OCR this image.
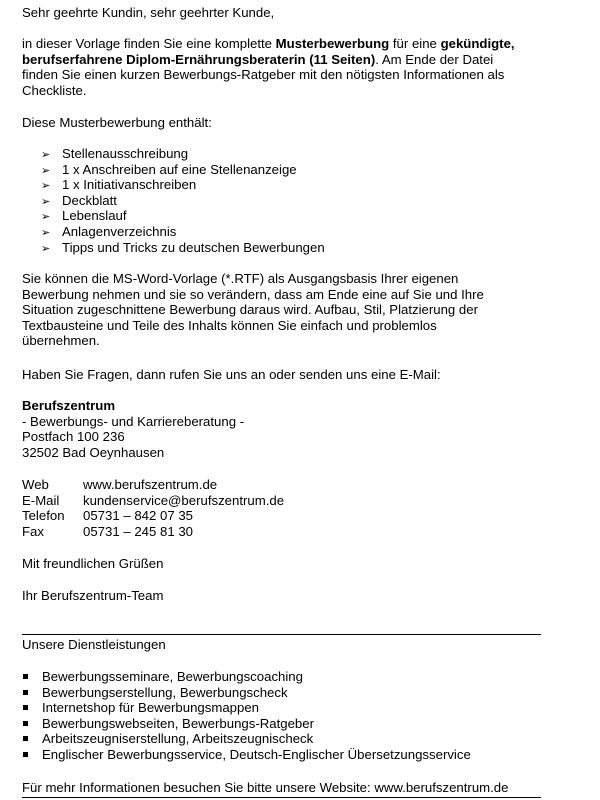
Sehr geehrte Kundin, sehr geehrter Kunde,
in dieser Vorlage finden Sie eine komplette Musterbewerbung für eine gekündigte,
berufserfahrene Diplom-Ernährungsberaterin (11 Seiten). Am Ende der Datei
finden Sie einen kurzen Bewerbungs-Ratgeber mit den nötigsten Informationen als
Checkliste.
Diese Musterbewerbung enthält:
➢ Stellenausschreibung
➢ 1 x Anschreiben auf eine Stellenanzeige
➢ 1 x Initiativanschreiben
➢ Deckblatt
➢ Lebenslauf
➢ Anlagenverzeichnis
➢ Tipps und Tricks zu deutschen Bewerbungen
Sie können die MS-Word-Vorlage (*.RTF) als Ausgangsbasis Ihrer eigenen
Bewerbung nehmen und sie so verändern, dass am Ende eine auf Sie und Ihre
Situation zugeschnittene Bewerbung daraus wird. Aufbau, Stil, Platzierung der
Textbausteine und Teile des Inhalts können Sie einfach und problemlos
übernehmen.
Haben Sie Fragen, dann rufen Sie uns an oder senden uns eine E-Mail:
Berufszentrum
- Bewerbungs- und Karriereberatung -
Postfach 100 236
32502 Bad Oeynhausen
Web	www.berufszentrum.de
E-Mail kundenservice@berufszentrum.de
Telefon 05731 – 842 07 35
Fax	05731 – 245 81 30
Mit freundlichen Grüßen
Ihr Berufszentrum-Team
Unsere Dienstleistungen
Bewerbungsseminare, Bewerbungscoaching
Bewerbungserstellung, Bewerbungscheck
Internetshop für Bewerbungsmappen
Bewerbungswebseiten, Bewerbungs-Ratgeber
Arbeitszeugniserstellung, Arbeitszeugnischeck
Englischer Bewerbungsservice, Deutsch-Englischer Übersetzungsservice
Für mehr Informationen besuchen Sie bitte unsere Website: www.berufszentrum.de
